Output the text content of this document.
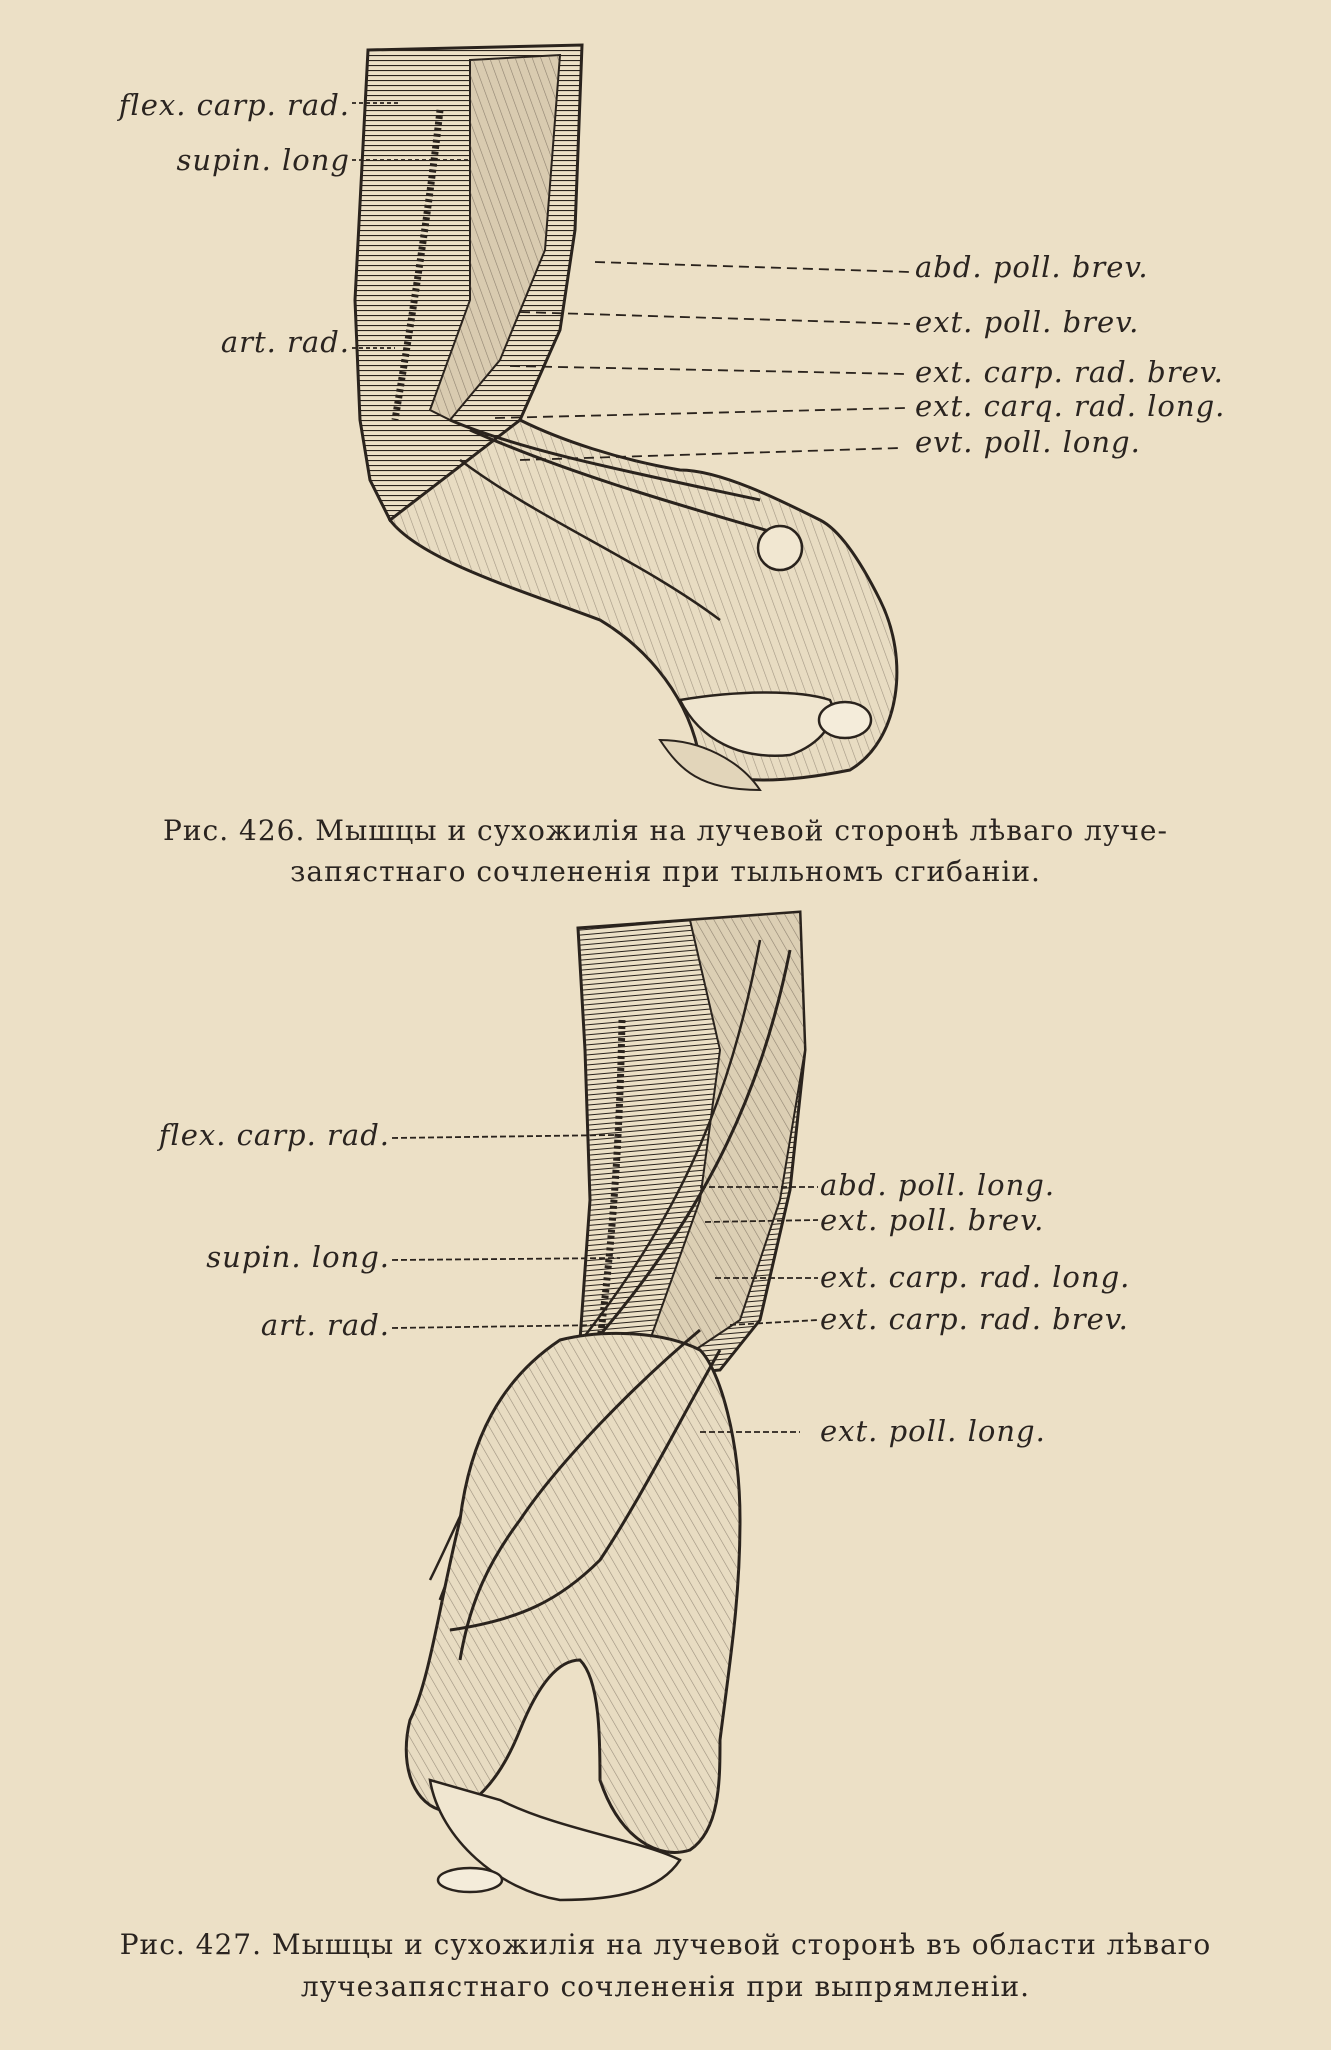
flex. carp. rad.
supin. long
art. rad.
abd. poll. brev.
ext. poll. brev.
ext. carp. rad. brev.
ext. carq. rad. long.
evt. poll. long.
Рис. 426. Мышцы и сухожилія на лучевой сторонѣ лѣваго луче-
запястнаго сочлененія при тыльномъ сгибаніи.
flex. carp. rad.
supin. long.
art. rad.
abd. poll. long.
ext. poll. brev.
ext. carp. rad. long.
ext. carp. rad. brev.
ext. poll. long.
Рис. 427. Мышцы и сухожилія на лучевой сторонѣ въ области лѣваго
лучезапястнаго сочлененія при выпрямленіи.
